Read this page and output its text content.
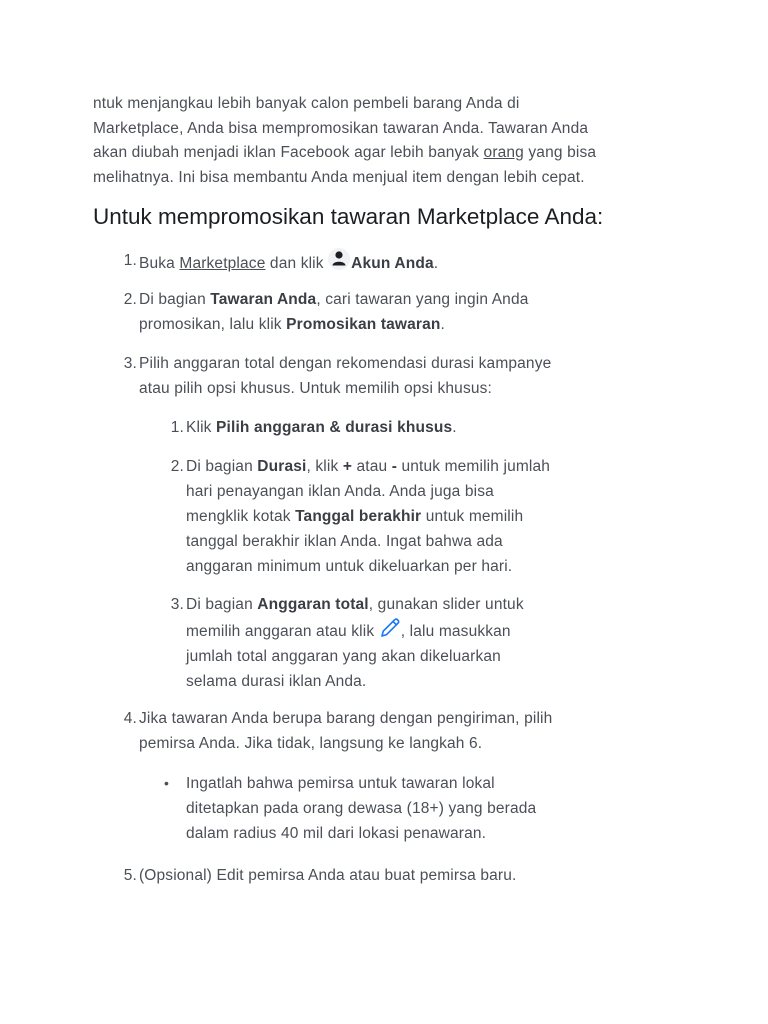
ntuk menjangkau lebih banyak calon pembeli barang Anda di
Marketplace, Anda bisa mempromosikan tawaran Anda. Tawaran Anda
akan diubah menjadi iklan Facebook agar lebih banyak orang yang bisa
melihatnya. Ini bisa membantu Anda menjual item dengan lebih cepat.

Untuk mempromosikan tawaran Marketplace Anda:
1. Buka Marketplace dan klik
Akun Anda.
2. Di bagian Tawaran Anda, cari tawaran yang ingin Anda
promosikan, lalu klik Promosikan tawaran.
3. Pilih anggaran total dengan rekomendasi durasi kampanye
atau pilih opsi khusus. Untuk memilih opsi khusus:
1. Klik Pilih anggaran & durasi khusus.
2. Di bagian Durasi, klik + atau - untuk memilih jumlah
hari penayangan iklan Anda. Anda juga bisa
mengklik kotak Tanggal berakhir untuk memilih
tanggal berakhir iklan Anda. Ingat bahwa ada
anggaran minimum untuk dikeluarkan per hari.
3. Di bagian Anggaran total, gunakan slider untuk
memilih anggaran atau klik , lalu masukkan
jumlah total anggaran yang akan dikeluarkan
selama durasi iklan Anda.
4. Jika tawaran Anda berupa barang dengan pengiriman, pilih
pemirsa Anda. Jika tidak, langsung ke langkah 6.
• Ingatlah bahwa pemirsa untuk tawaran lokal
ditetapkan pada orang dewasa (18+) yang berada
dalam radius 40 mil dari lokasi penawaran.
5. (Opsional) Edit pemirsa Anda atau buat pemirsa baru.
